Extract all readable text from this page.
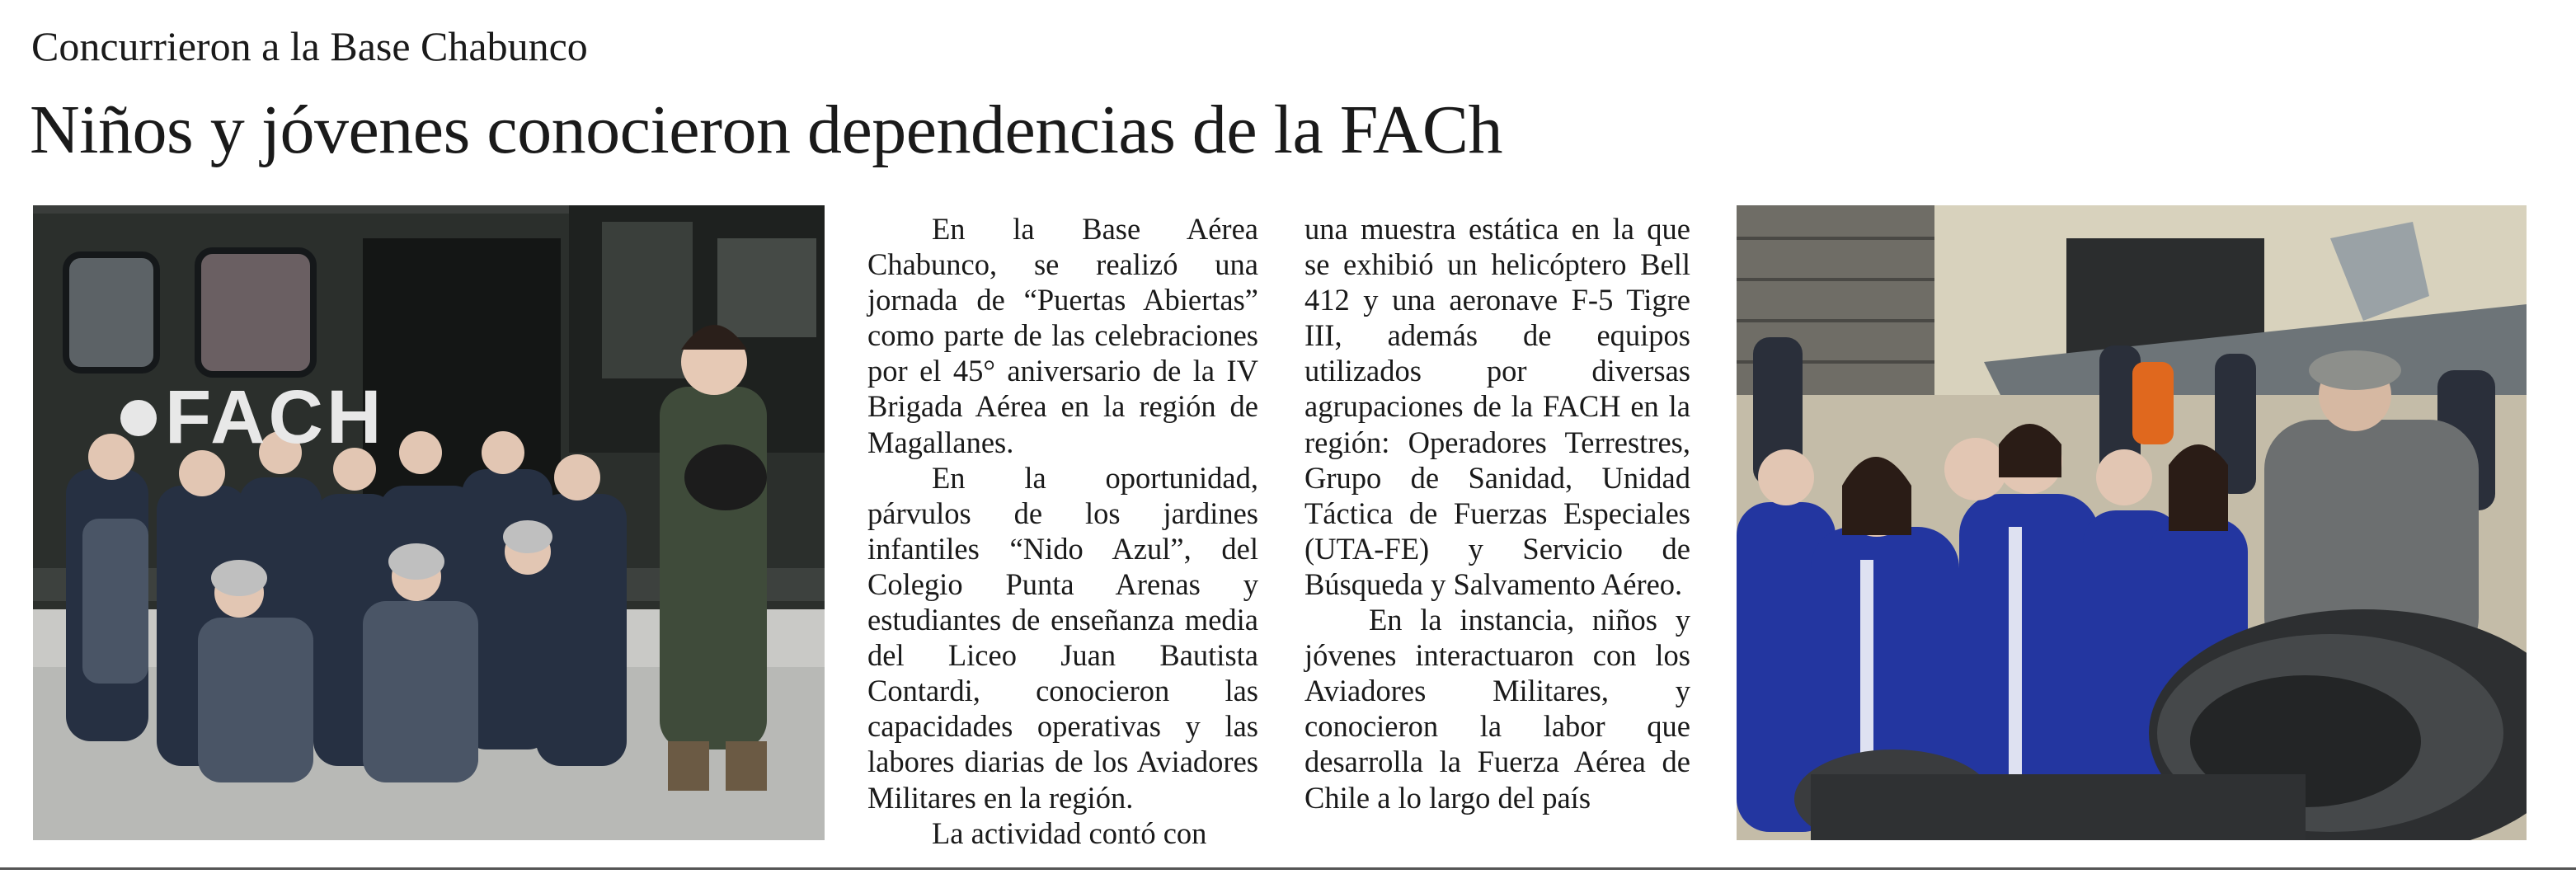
Concurrieron a la Base Chabunco
Niños y jóvenes conocieron dependencias de la FACh
FACH

En la Base Aérea Chabunco, se realizó una jornada de “Puertas Abiertas” como parte de las celebraciones por el 45° aniversario de la IV Brigada Aérea en la región de Magallanes.

En la oportunidad, párvulos de los jardines infantiles “Nido Azul”, del Colegio Punta Arenas y estudiantes de enseñanza media del Liceo Juan Bautista Contardi, conocieron las capacidades operativas y las labores diarias de los Aviadores Militares en la región.

La actividad contó con

una muestra estática en la que se exhibió un helicóptero Bell 412 y una aeronave F-5 Tigre III, además de equipos utilizados por diversas agrupaciones de la FACH en la región: Operadores Terrestres, Grupo de Sanidad, Unidad Táctica de Fuerzas Especiales (UTA-FE) y Servicio de Búsqueda y Salvamento Aéreo.

En la instancia, niños y jóvenes interactuaron con los Aviadores Militares, y conocieron la labor que desarrolla la Fuerza Aérea de Chile a lo largo del país
